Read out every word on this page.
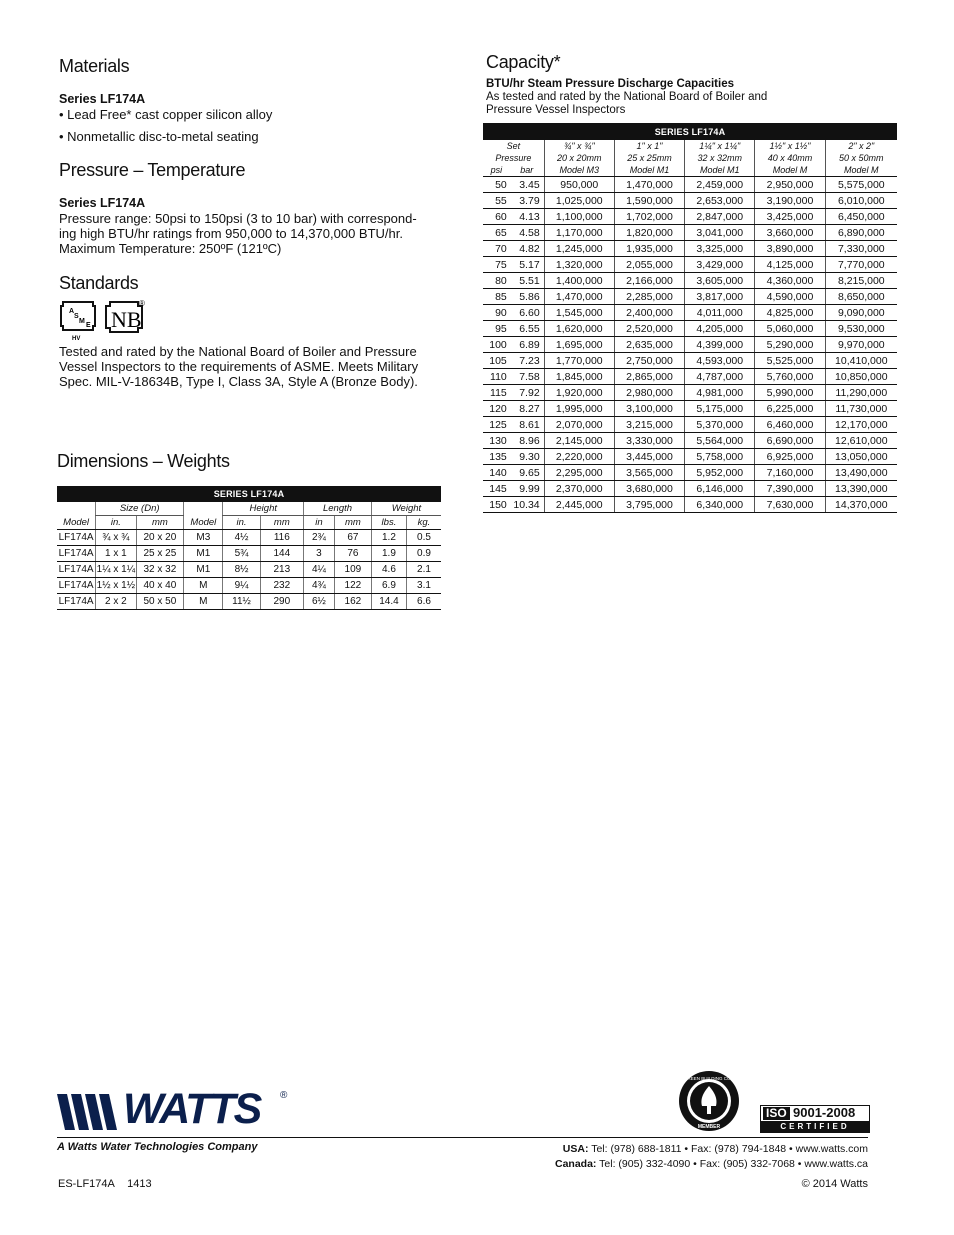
Materials
Series LF174A
• Lead Free* cast copper silicon alloy
• Nonmetallic disc-to-metal seating
Pressure – Temperature
Series LF174A
Pressure range: 50psi to 150psi (3 to 10 bar) with correspond-
ing high BTU/hr ratings from 950,000 to 14,370,000 BTU/hr.
Maximum Temperature: 250ºF (121ºC)
Standards
A
S
M
E
HV
NB
®
Tested and rated by the National Board of Boiler and Pressure
Vessel Inspectors to the requirements of ASME. Meets Military
Spec. MIL-V-18634B, Type I, Class 3A, Style A (Bronze Body).
Dimensions – Weights
SERIES LF174A									
	Size (Dn)			Height		Length		Weight	
Model	in.	mm	Model	in.	mm	in	mm	lbs.	kg.
LF174A	¾ x ¾	20 x 20	M3	4½	116	2¾	67	1.2	0.5
LF174A	1 x 1	25 x 25	M1	5¾	144	3	76	1.9	0.9
LF174A	1¼ x 1¼	32 x 32	M1	8½	213	4¼	109	4.6	2.1
LF174A	1½ x 1½	40 x 40	M	9¼	232	4¾	122	6.9	3.1
LF174A	2 x 2	50 x 50	M	11½	290	6½	162	14.4	6.6
Capacity*
BTU/hr Steam Pressure Discharge Capacities
As tested and rated by the National Board of Boiler and
Pressure Vessel Inspectors
SERIES LF174A						
Set		¾" x ¾"	1" x 1"	1¼" x 1¼"	1½" x 1½"	2" x 2"
Pressure		20 x 20mm	25 x 25mm	32 x 32mm	40 x 40mm	50 x 50mm
psi	bar	Model M3	Model M1	Model M1	Model M	Model M
50	3.45	950,000	1,470,000	2,459,000	2,950,000	5,575,000
55	3.79	1,025,000	1,590,000	2,653,000	3,190,000	6,010,000
60	4.13	1,100,000	1,702,000	2,847,000	3,425,000	6,450,000
65	4.58	1,170,000	1,820,000	3,041,000	3,660,000	6,890,000
70	4.82	1,245,000	1,935,000	3,325,000	3,890,000	7,330,000
75	5.17	1,320,000	2,055,000	3,429,000	4,125,000	7,770,000
80	5.51	1,400,000	2,166,000	3,605,000	4,360,000	8,215,000
85	5.86	1,470,000	2,285,000	3,817,000	4,590,000	8,650,000
90	6.60	1,545,000	2,400,000	4,011,000	4,825,000	9,090,000
95	6.55	1,620,000	2,520,000	4,205,000	5,060,000	9,530,000
100	6.89	1,695,000	2,635,000	4,399,000	5,290,000	9,970,000
105	7.23	1,770,000	2,750,000	4,593,000	5,525,000	10,410,000
110	7.58	1,845,000	2,865,000	4,787,000	5,760,000	10,850,000
115	7.92	1,920,000	2,980,000	4,981,000	5,990,000	11,290,000
120	8.27	1,995,000	3,100,000	5,175,000	6,225,000	11,730,000
125	8.61	2,070,000	3,215,000	5,370,000	6,460,000	12,170,000
130	8.96	2,145,000	3,330,000	5,564,000	6,690,000	12,610,000
135	9.30	2,220,000	3,445,000	5,758,000	6,925,000	13,050,000
140	9.65	2,295,000	3,565,000	5,952,000	7,160,000	13,490,000
145	9.99	2,370,000	3,680,000	6,146,000	7,390,000	13,390,000
150	10.34	2,445,000	3,795,000	6,340,000	7,630,000	14,370,000
WATTS ®
A Watts Water Technologies Company
U.S. GREEN BUILDING COUNCIL
MEMBER
ISO 9001-2008
CERTIFIED
USA: Tel: (978) 688-1811 • Fax: (978) 794-1848 • www.watts.com
Canada: Tel: (905) 332-4090 • Fax: (905) 332-7068 • www.watts.ca
ES-LF174A 1413	© 2014 Watts
